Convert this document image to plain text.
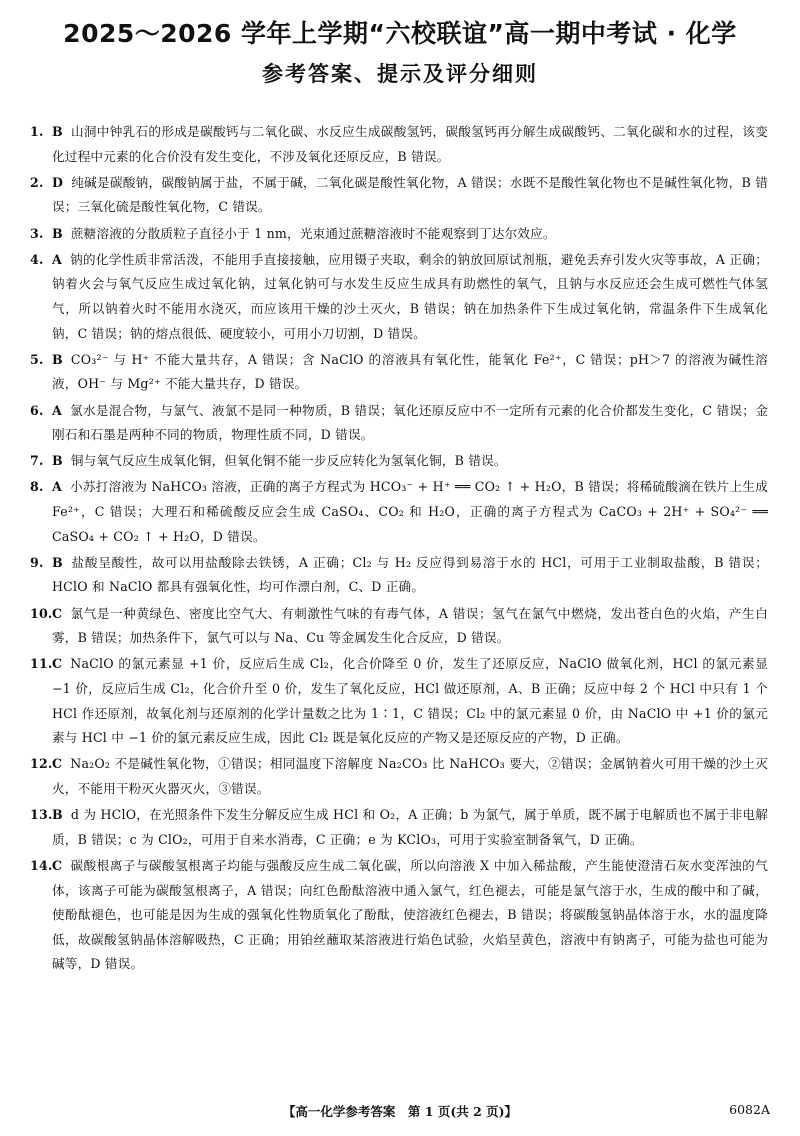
2025～2026 学年上学期“六校联谊”高一期中考试 · 化学
参考答案、提示及评分细则
1. B 山洞中钟乳石的形成是碳酸钙与二氧化碳、水反应生成碳酸氢钙，碳酸氢钙再分解生成碳酸钙、二氧化碳和水的过程，该变化过程中元素的化合价没有发生变化，不涉及氧化还原反应，B 错误。
2. D 纯碱是碳酸钠，碳酸钠属于盐，不属于碱，二氧化碳是酸性氧化物，A 错误；水既不是酸性氧化物也不是碱性氧化物，B 错误；三氧化硫是酸性氧化物，C 错误。
3. B 蔗糖溶液的分散质粒子直径小于 1 nm，光束通过蔗糖溶液时不能观察到丁达尔效应。
4. A 钠的化学性质非常活泼，不能用手直接接触，应用镊子夹取，剩余的钠放回原试剂瓶，避免丢弃引发火灾等事故，A 正确；钠着火会与氧气反应生成过氧化钠，过氧化钠可与水发生反应生成具有助燃性的氧气，且钠与水反应还会生成可燃性气体氢气，所以钠着火时不能用水浇灭，而应该用干燥的沙土灭火，B 错误；钠在加热条件下生成过氧化钠，常温条件下生成氧化钠，C 错误；钠的熔点很低、硬度较小，可用小刀切割，D 错误。
5. B CO₃²⁻ 与 H⁺ 不能大量共存，A 错误；含 NaClO 的溶液具有氧化性，能氧化 Fe²⁺，C 错误；pH＞7 的溶液为碱性溶液，OH⁻ 与 Mg²⁺ 不能大量共存，D 错误。
6. A 氯水是混合物，与氯气、液氯不是同一种物质，B 错误；氧化还原反应中不一定所有元素的化合价都发生变化，C 错误；金刚石和石墨是两种不同的物质，物理性质不同，D 错误。
7. B 铜与氧气反应生成氧化铜，但氧化铜不能一步反应转化为氢氧化铜，B 错误。
8. A 小苏打溶液为 NaHCO₃ 溶液，正确的离子方程式为 HCO₃⁻ + H⁺ ══ CO₂ ↑ + H₂O，B 错误；将稀硫酸滴在铁片上生成 Fe²⁺，C 错误；大理石和稀硫酸反应会生成 CaSO₄、CO₂ 和 H₂O，正确的离子方程式为 CaCO₃ + 2H⁺ + SO₄²⁻ ══ CaSO₄ + CO₂ ↑ + H₂O，D 错误。
9. B 盐酸呈酸性，故可以用盐酸除去铁锈，A 正确；Cl₂ 与 H₂ 反应得到易溶于水的 HCl，可用于工业制取盐酸，B 错误；HClO 和 NaClO 都具有强氧化性，均可作漂白剂，C、D 正确。
10.C 氯气是一种黄绿色、密度比空气大、有刺激性气味的有毒气体，A 错误；氢气在氯气中燃烧，发出苍白色的火焰，产生白雾，B 错误；加热条件下，氯气可以与 Na、Cu 等金属发生化合反应，D 错误。
11.C NaClO 的氯元素显 +1 价，反应后生成 Cl₂，化合价降至 0 价，发生了还原反应，NaClO 做氧化剂，HCl 的氯元素显 −1 价，反应后生成 Cl₂，化合价升至 0 价，发生了氧化反应，HCl 做还原剂，A、B 正确；反应中每 2 个 HCl 中只有 1 个 HCl 作还原剂，故氧化剂与还原剂的化学计量数之比为 1∶1，C 错误；Cl₂ 中的氯元素显 0 价，由 NaClO 中 +1 价的氯元素与 HCl 中 −1 价的氯元素反应生成，因此 Cl₂ 既是氧化反应的产物又是还原反应的产物，D 正确。
12.C Na₂O₂ 不是碱性氧化物，①错误；相同温度下溶解度 Na₂CO₃ 比 NaHCO₃ 要大，②错误；金属钠着火可用干燥的沙土灭火，不能用干粉灭火器灭火，③错误。
13.B d 为 HClO，在光照条件下发生分解反应生成 HCl 和 O₂，A 正确；b 为氯气，属于单质，既不属于电解质也不属于非电解质，B 错误；c 为 ClO₂，可用于自来水消毒，C 正确；e 为 KClO₃，可用于实验室制备氧气，D 正确。
14.C 碳酸根离子与碳酸氢根离子均能与强酸反应生成二氧化碳，所以向溶液 X 中加入稀盐酸，产生能使澄清石灰水变浑浊的气体，该离子可能为碳酸氢根离子，A 错误；向红色酚酞溶液中通入氯气，红色褪去，可能是氯气溶于水，生成的酸中和了碱，使酚酞褪色，也可能是因为生成的强氧化性物质氧化了酚酞，使溶液红色褪去，B 错误；将碳酸氢钠晶体溶于水，水的温度降低，故碳酸氢钠晶体溶解吸热，C 正确；用铂丝蘸取某溶液进行焰色试验，火焰呈黄色，溶液中有钠离子，可能为盐也可能为碱等，D 错误。
【高一化学参考答案　第 1 页(共 2 页)】	6082A
